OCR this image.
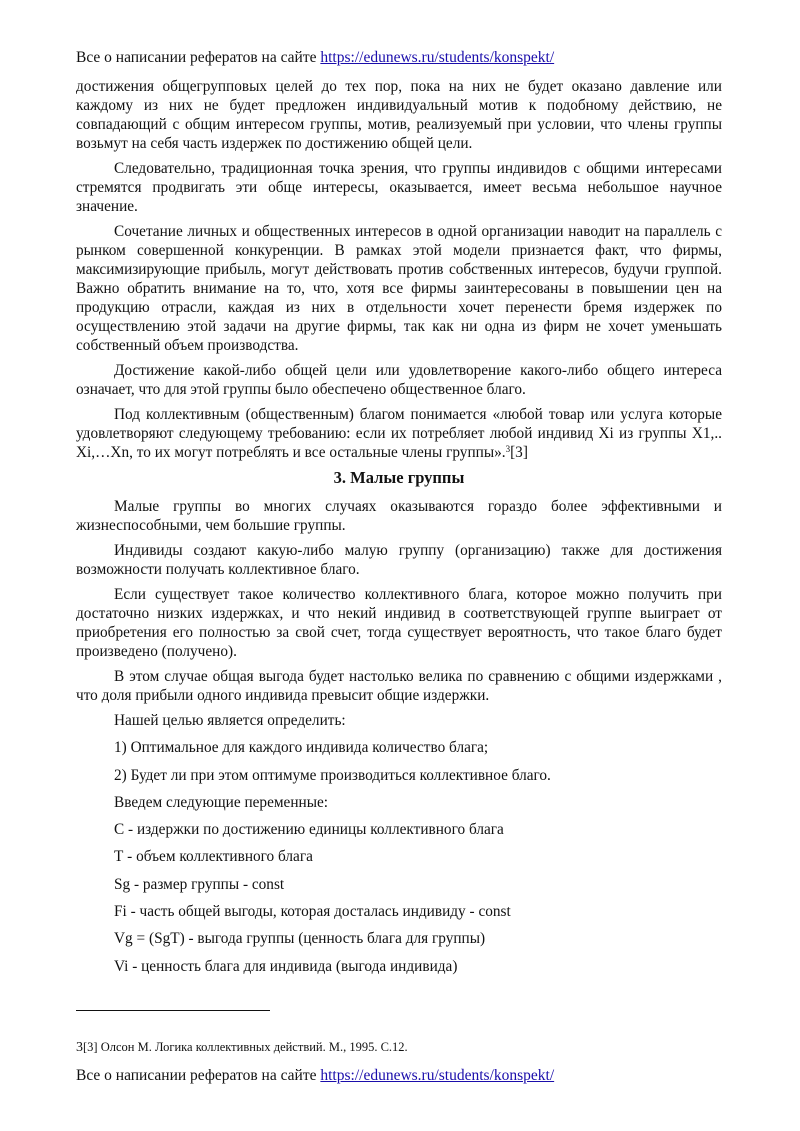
Все о написании рефератов на сайте https://edunews.ru/students/konspekt/

достижения общегрупповых целей до тех пор, пока на них не будет оказано давление или каждому из них не будет предложен индивидуальный мотив к подобному действию, не совпадающий с общим интересом группы, мотив, реализуемый при условии, что члены группы возьмут на себя часть издержек по достижению общей цели.

Следовательно, традиционная точка зрения, что группы индивидов с общими интересами стремятся продвигать эти обще интересы, оказывается, имеет весьма небольшое научное значение.

Сочетание личных и общественных интересов в одной организации наводит на параллель с рынком совершенной конкуренции. В рамках этой модели признается факт, что фирмы, максимизирующие прибыль, могут действовать против собственных интересов, будучи группой. Важно обратить внимание на то, что, хотя все фирмы заинтересованы в повышении цен на продукцию отрасли, каждая из них в отдельности хочет перенести бремя издержек по осуществлению этой задачи на другие фирмы, так как ни одна из фирм не хочет уменьшать собственный объем производства.

Достижение какой-либо общей цели или удовлетворение какого-либо общего интереса означает, что для этой группы было обеспечено общественное благо.

Под коллективным (общественным) благом понимается «любой товар или услуга которые удовлетворяют следующему требованию: если их потребляет любой индивид Xi из группы X1,.. Xi,…Xn, то их могут потреблять и все остальные члены группы».$^3$[3]

3. Малые группы

Малые группы во многих случаях оказываются гораздо более эффективными и жизнеспособными, чем большие группы.

Индивиды создают какую-либо малую группу (организацию) также для достижения возможности получать коллективное благо.

Если существует такое количество коллективного блага, которое можно получить при достаточно низких издержках, и что некий индивид в соответствующей группе выиграет от приобретения его полностью за свой счет, тогда существует вероятность, что такое благо будет произведено (получено).

В этом случае общая выгода будет настолько велика по сравнению с общими издержками , что доля прибыли одного индивида превысит общие издержки.

Нашей целью является определить:
1) Оптимальное для каждого индивида количество блага;
2) Будет ли при этом оптимуме производиться коллективное благо.
Введем следующие переменные:
С - издержки по достижению единицы коллективного блага
Т - объем коллективного блага
Sg - размер группы - const
Fi - часть общей выгоды, которая досталась индивиду - const
Vg = (SgT) - выгода группы (ценность блага для группы)
Vi - ценность блага для индивида (выгода индивида)
3[3] Олсон М. Логика коллективных действий. М., 1995. С.12.
Все о написании рефератов на сайте https://edunews.ru/students/konspekt/
